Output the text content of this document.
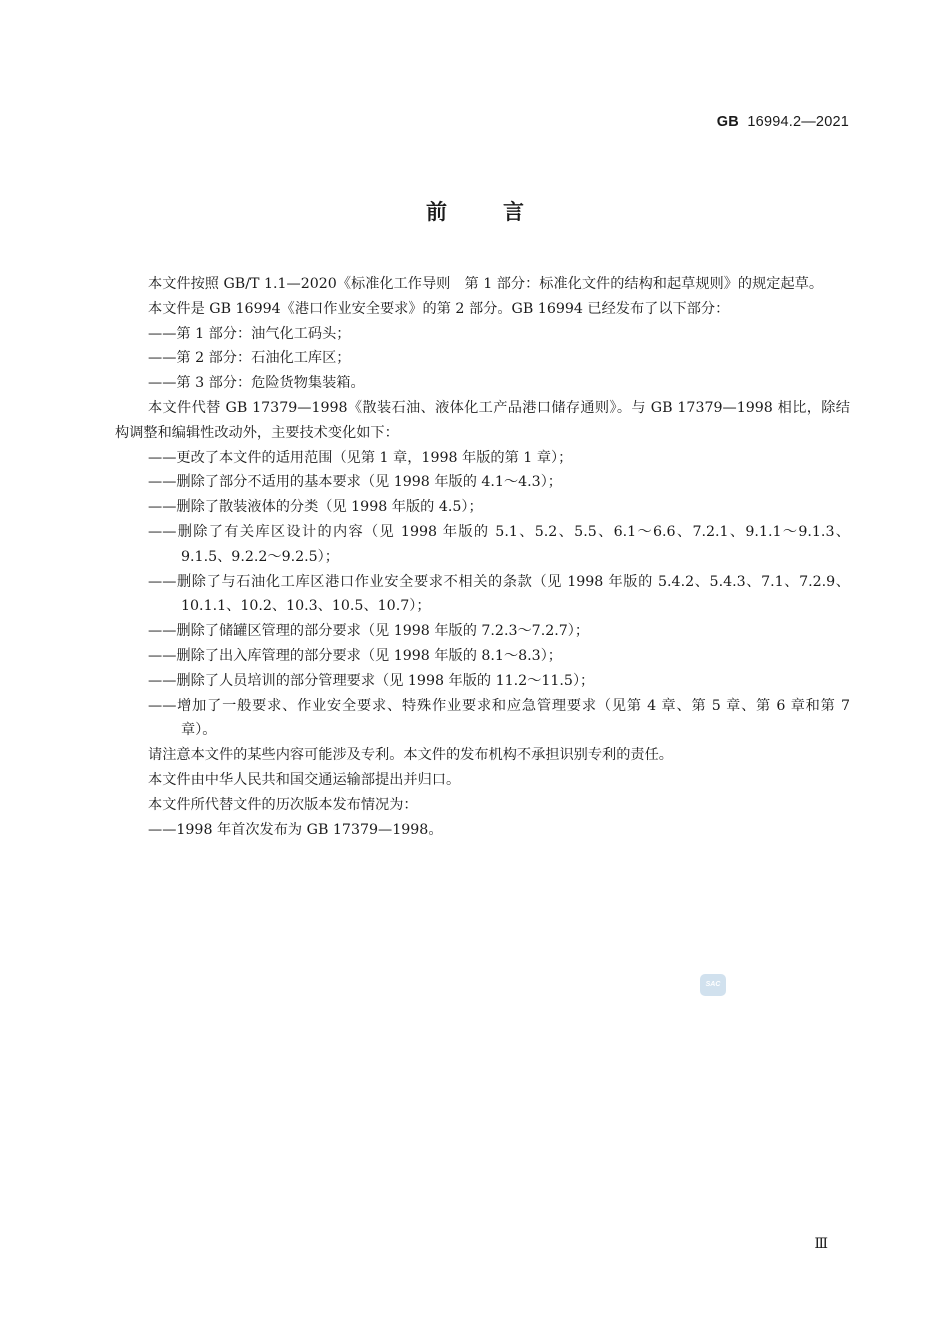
GB 16994.2—2021
前言

本文件按照 GB/T 1.1—2020《标准化工作导则　第 1 部分：标准化文件的结构和起草规则》的规定起草。

本文件是 GB 16994《港口作业安全要求》的第 2 部分。GB 16994 已经发布了以下部分：

——第 1 部分：油气化工码头；

——第 2 部分：石油化工库区；

——第 3 部分：危险货物集装箱。

本文件代替 GB 17379—1998《散装石油、液体化工产品港口储存通则》。与 GB 17379—1998 相比，除结构调整和编辑性改动外，主要技术变化如下：

——更改了本文件的适用范围（见第 1 章，1998 年版的第 1 章）；

——删除了部分不适用的基本要求（见 1998 年版的 4.1～4.3）；

——删除了散装液体的分类（见 1998 年版的 4.5）；

——删除了有关库区设计的内容（见 1998 年版的 5.1、5.2、5.5、6.1～6.6、7.2.1、9.1.1～9.1.3、9.1.5、9.2.2～9.2.5）；

——删除了与石油化工库区港口作业安全要求不相关的条款（见 1998 年版的 5.4.2、5.4.3、7.1、7.2.9、10.1.1、10.2、10.3、10.5、10.7）；

——删除了储罐区管理的部分要求（见 1998 年版的 7.2.3～7.2.7）；

——删除了出入库管理的部分要求（见 1998 年版的 8.1～8.3）；

——删除了人员培训的部分管理要求（见 1998 年版的 11.2～11.5）；

——增加了一般要求、作业安全要求、特殊作业要求和应急管理要求（见第 4 章、第 5 章、第 6 章和第 7 章）。

请注意本文件的某些内容可能涉及专利。本文件的发布机构不承担识别专利的责任。

本文件由中华人民共和国交通运输部提出并归口。

本文件所代替文件的历次版本发布情况为：

——1998 年首次发布为 GB 17379—1998。

SAC
Ⅲ
